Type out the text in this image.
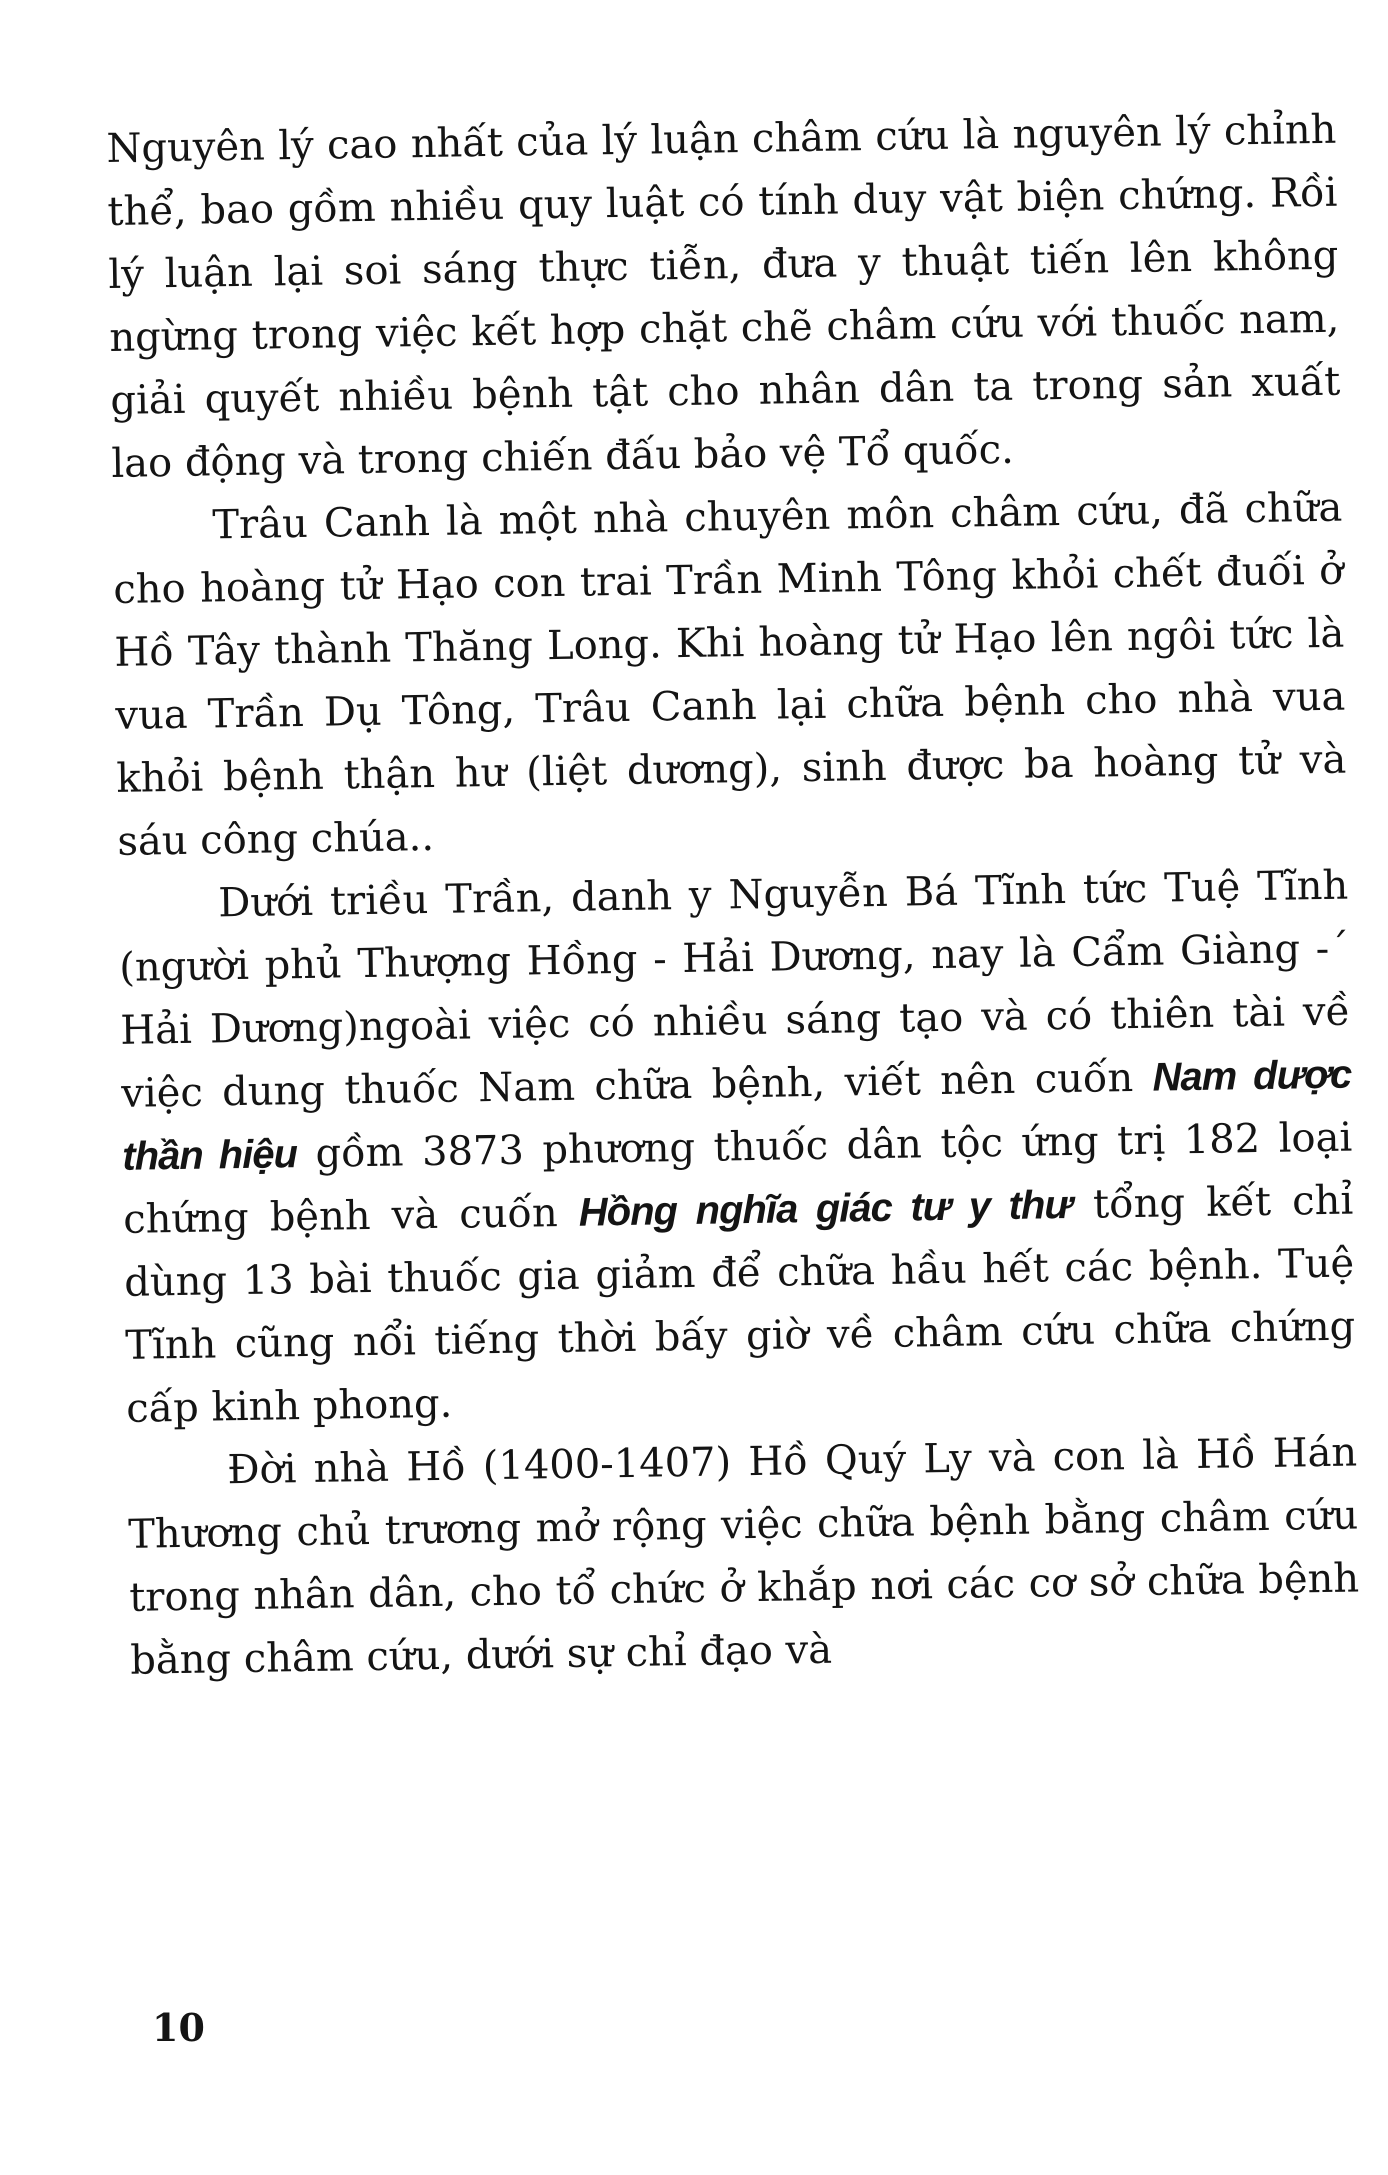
Nguyên lý cao nhất của lý luận châm cứu là nguyên lý chỉnh thể, bao gồm nhiều quy luật có tính duy vật biện chứng. Rồi lý luận lại soi sáng thực tiễn, đưa y thuật tiến lên không ngừng trong việc kết hợp chặt chẽ châm cứu với thuốc nam, giải quyết nhiều bệnh tật cho nhân dân ta trong sản xuất lao động và trong chiến đấu bảo vệ Tổ quốc.

Trâu Canh là một nhà chuyên môn châm cứu, đã chữa cho hoàng tử Hạo con trai Trần Minh Tông khỏi chết đuối ở Hồ Tây thành Thăng Long. Khi hoàng tử Hạo lên ngôi tức là vua Trần Dụ Tông, Trâu Canh lại chữa bệnh cho nhà vua khỏi bệnh thận hư (liệt dương), sinh được ba hoàng tử và sáu công chúa..

Dưới triều Trần, danh y Nguyễn Bá Tĩnh tức Tuệ Tĩnh (người phủ Thượng Hồng - Hải Dương, nay là Cẩm Giàng -´ Hải Dương)ngoài việc có nhiều sáng tạo và có thiên tài về việc dung thuốc Nam chữa bệnh, viết nên cuốn Nam dược thần hiệu gồm 3873 phương thuốc dân tộc ứng trị 182 loại chứng bệnh và cuốn Hồng nghĩa giác tư y thư tổng kết chỉ dùng 13 bài thuốc gia giảm để chữa hầu hết các bệnh. Tuệ Tĩnh cũng nổi tiếng thời bấy giờ về châm cứu chữa chứng cấp kinh phong.

Đời nhà Hồ (1400-1407) Hồ Quý Ly và con là Hồ Hán Thương chủ trương mở rộng việc chữa bệnh bằng châm cứu trong nhân dân, cho tổ chức ở khắp nơi các cơ sở chữa bệnh bằng châm cứu, dưới sự chỉ đạo và

10
